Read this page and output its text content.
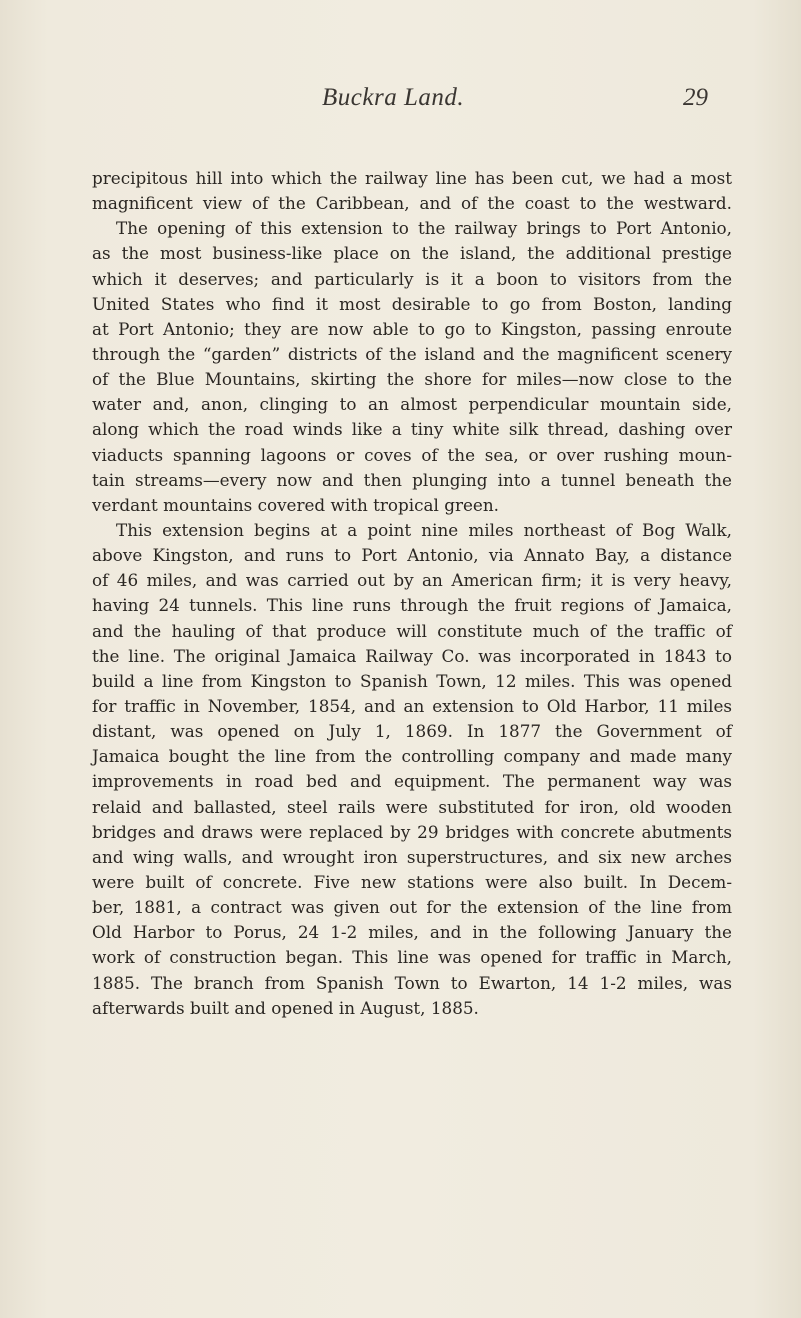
Buckra Land.	29
precipitous hill into which the railway line has been cut, we had a most
magnificent view of the Caribbean, and of the coast to the westward.
The opening of this extension to the railway brings to Port Antonio,
as the most business-like place on the island, the additional prestige
which it deserves; and particularly is it a boon to visitors from the
United States who find it most desirable to go from Boston, landing
at Port Antonio; they are now able to go to Kingston, passing enroute
through the “garden” districts of the island and the magnificent scenery
of the Blue Mountains, skirting the shore for miles—now close to the
water and, anon, clinging to an almost perpendicular mountain side,
along which the road winds like a tiny white silk thread, dashing over
viaducts spanning lagoons or coves of the sea, or over rushing moun-
tain streams—every now and then plunging into a tunnel beneath the
verdant mountains covered with tropical green.
This extension begins at a point nine miles northeast of Bog Walk,
above Kingston, and runs to Port Antonio, via Annato Bay, a distance
of 46 miles, and was carried out by an American firm; it is very heavy,
having 24 tunnels. This line runs through the fruit regions of Jamaica,
and the hauling of that produce will constitute much of the traffic of
the line. The original Jamaica Railway Co. was incorporated in 1843 to
build a line from Kingston to Spanish Town, 12 miles. This was opened
for traffic in November, 1854, and an extension to Old Harbor, 11 miles
distant, was opened on July 1, 1869. In 1877 the Government of
Jamaica bought the line from the controlling company and made many
improvements in road bed and equipment. The permanent way was
relaid and ballasted, steel rails were substituted for iron, old wooden
bridges and draws were replaced by 29 bridges with concrete abutments
and wing walls, and wrought iron superstructures, and six new arches
were built of concrete. Five new stations were also built. In Decem-
ber, 1881, a contract was given out for the extension of the line from
Old Harbor to Porus, 24 1-2 miles, and in the following January the
work of construction began. This line was opened for traffic in March,
1885. The branch from Spanish Town to Ewarton, 14 1-2 miles, was
afterwards built and opened in August, 1885.
